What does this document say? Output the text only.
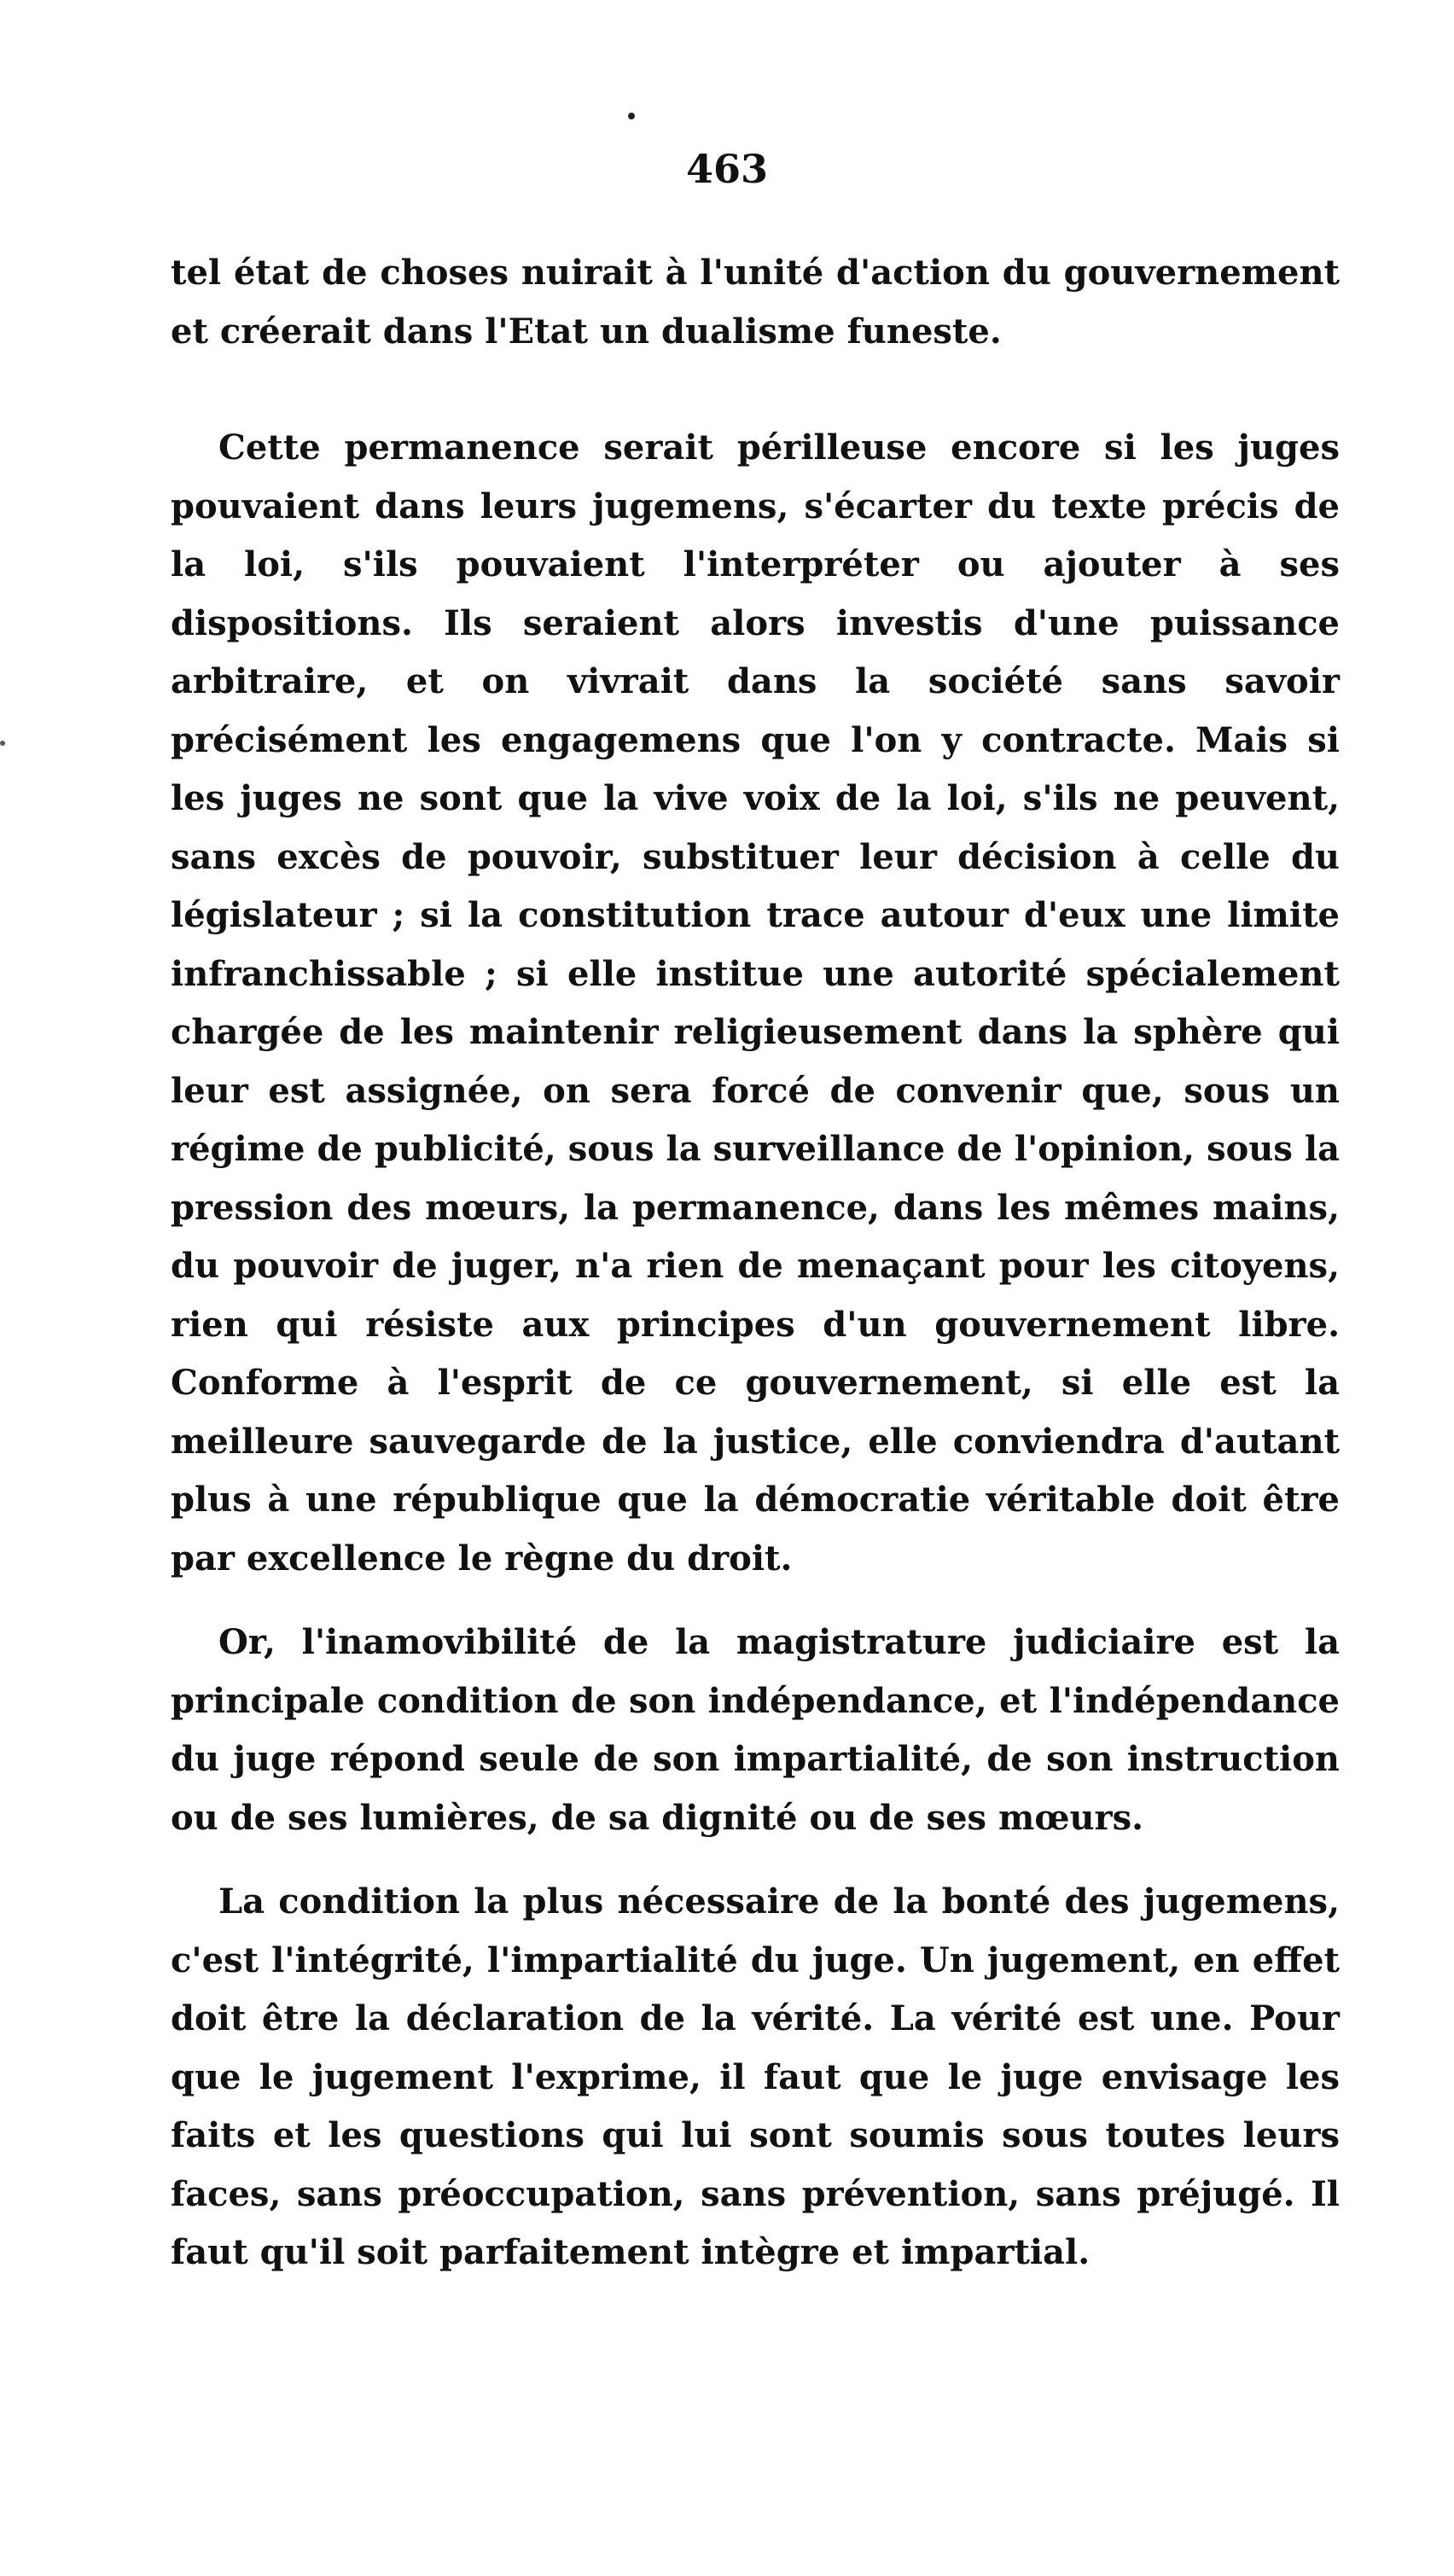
463

tel état de choses nuirait à l'unité d'action du gouvernement et créerait dans l'Etat un dualisme funeste.

Cette permanence serait périlleuse encore si les juges pouvaient dans leurs jugemens, s'écarter du texte précis de la loi, s'ils pouvaient l'interpréter ou ajouter à ses dispositions. Ils seraient alors investis d'une puissance arbitraire, et on vivrait dans la société sans savoir précisément les engagemens que l'on y contracte. Mais si les juges ne sont que la vive voix de la loi, s'ils ne peuvent, sans excès de pouvoir, substituer leur décision à celle du législateur ; si la constitution trace autour d'eux une limite infranchissable ; si elle institue une autorité spécialement chargée de les maintenir religieusement dans la sphère qui leur est assignée, on sera forcé de convenir que, sous un régime de publicité, sous la surveillance de l'opinion, sous la pression des mœurs, la permanence, dans les mêmes mains, du pouvoir de juger, n'a rien de menaçant pour les citoyens, rien qui résiste aux principes d'un gouvernement libre. Conforme à l'esprit de ce gouvernement, si elle est la meilleure sauvegarde de la justice, elle conviendra d'autant plus à une république que la démocratie véritable doit être par excellence le règne du droit.

Or, l'inamovibilité de la magistrature judiciaire est la principale condition de son indépendance, et l'indépendance du juge répond seule de son impartialité, de son instruction ou de ses lumières, de sa dignité ou de ses mœurs.

La condition la plus nécessaire de la bonté des jugemens, c'est l'intégrité, l'impartialité du juge. Un jugement, en effet doit être la déclaration de la vérité. La vérité est une. Pour que le jugement l'exprime, il faut que le juge envisage les faits et les questions qui lui sont soumis sous toutes leurs faces, sans préoccupation, sans prévention, sans préjugé. Il faut qu'il soit parfaitement intègre et impartial.
